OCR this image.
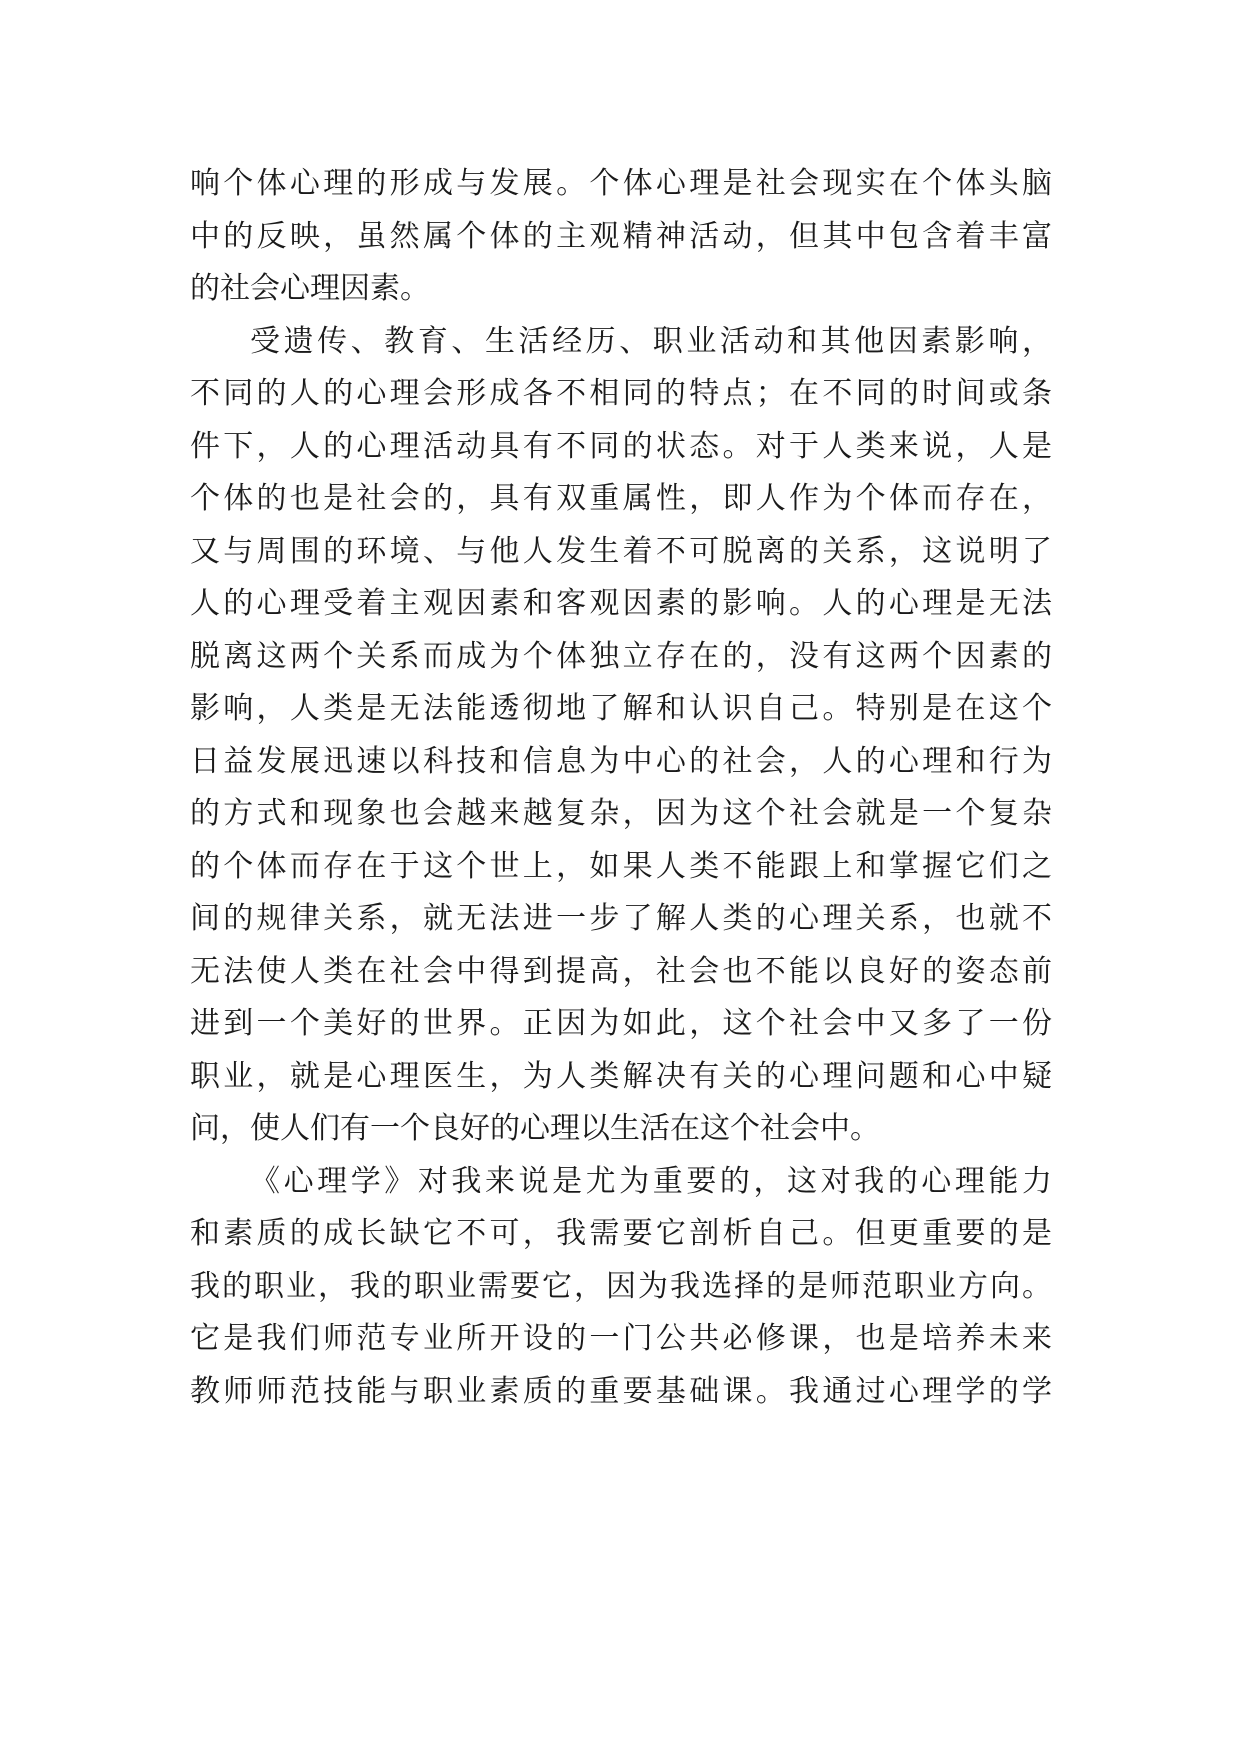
响个体心理的形成与发展。个体心理是社会现实在个体头脑
中的反映，虽然属个体的主观精神活动，但其中包含着丰富
的社会心理因素。
受遗传、教育、生活经历、职业活动和其他因素影响，
不同的人的心理会形成各不相同的特点；在不同的时间或条
件下，人的心理活动具有不同的状态。对于人类来说，人是
个体的也是社会的，具有双重属性，即人作为个体而存在，
又与周围的环境、与他人发生着不可脱离的关系，这说明了
人的心理受着主观因素和客观因素的影响。人的心理是无法
脱离这两个关系而成为个体独立存在的，没有这两个因素的
影响，人类是无法能透彻地了解和认识自己。特别是在这个
日益发展迅速以科技和信息为中心的社会，人的心理和行为
的方式和现象也会越来越复杂，因为这个社会就是一个复杂
的个体而存在于这个世上，如果人类不能跟上和掌握它们之
间的规律关系，就无法进一步了解人类的心理关系，也就不
无法使人类在社会中得到提高，社会也不能以良好的姿态前
进到一个美好的世界。正因为如此，这个社会中又多了一份
职业，就是心理医生，为人类解决有关的心理问题和心中疑
问，使人们有一个良好的心理以生活在这个社会中。
《心理学》对我来说是尤为重要的，这对我的心理能力
和素质的成长缺它不可，我需要它剖析自己。但更重要的是
我的职业，我的职业需要它，因为我选择的是师范职业方向。
它是我们师范专业所开设的一门公共必修课，也是培养未来
教师师范技能与职业素质的重要基础课。我通过心理学的学
